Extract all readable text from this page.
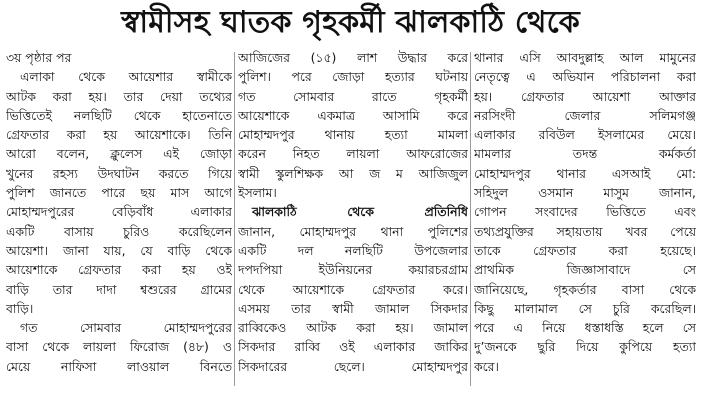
স্বামীসহ ঘাতক গৃহকর্মী ঝালকাঠি থেকে
৩য় পৃষ্ঠার পর
এলাকা থেকে আয়েশার স্বামীকে
আটক করা হয়। তার দেয়া তথ্যের
ভিত্তিতেই নলছিটি থেকে হাতেনাতে
গ্রেফতার করা হয় আয়েশাকে। তিনি
আরো বলেন, ক্লুলেস এই জোড়া
খুনের রহস্য উদঘাটন করতে গিয়ে
পুলিশ জানতে পারে ছয় মাস আগে
মোহাম্মদপুরের বেড়িবাঁধ এলাকার
একটি বাসায় চুরিও করেছিলেন
আয়েশা। জানা যায়, যে বাড়ি থেকে
আয়েশাকে গ্রেফতার করা হয় ওই
বাড়ি তার দাদা শ্বশুরের গ্রামের
বাড়ি।
গত সোমবার মোহাম্মদপুরের
বাসা থেকে লায়লা ফিরোজ (৪৮) ও
মেয়ে নাফিসা লাওয়াল বিনতে
আজিজের (১৫) লাশ উদ্ধার করে
পুলিশ। পরে জোড়া হত্যার ঘটনায়
গত সোমবার রাতে গৃহকর্মী
আয়েশাকে একমাত্র আসামি করে
মোহাম্মদপুর থানায় হত্যা মামলা
করেন নিহত লায়লা আফরোজের
স্বামী স্কুলশিক্ষক আ জ ম আজিজুল
ইসলাম।
ঝালকাঠি থেকে প্রতিনিধি
জানান, মোহাম্মদপুর থানা পুলিশের
একটি দল নলছিটি উপজেলার
দপদপিয়া ইউনিয়নের কয়ারচরগ্রাম
থেকে আয়েশাকে গ্রেফতার করে।
এসময় তার স্বামী জামাল সিকদার
রাব্বিকেও আটক করা হয়। জামাল
সিকদার রাব্বি ওই এলাকার জাকির
সিকদারের ছেলে। মোহাম্মদপুর
থানার এসি আবদুল্লাহ আল মামুনের
নেতৃত্বে এ অভিযান পরিচালনা করা
হয়। গ্রেফতার আয়েশা আক্তার
নরসিংদী জেলার সলিমগঞ্জ
এলাকার রবিউল ইসলামের মেয়ে।
মামলার তদন্ত কর্মকর্তা
মোহাম্মদপুর থানার এসআই মো:
সহিদুল ওসমান মাসুম জানান,
গোপন সংবাদের ভিত্তিতে এবং
তথ্যপ্রযুক্তির সহায়তায় খবর পেয়ে
তাকে গ্রেফতার করা হয়েছে।
প্রাথমিক জিজ্ঞাসাবাদে সে
জানিয়েছে, গৃহকর্তার বাসা থেকে
কিছু মালামাল সে চুরি করেছিল।
পরে এ নিয়ে ধস্তাধস্তি হলে সে
দু’জনকে ছুরি দিয়ে কুপিয়ে হত্যা
করে।
